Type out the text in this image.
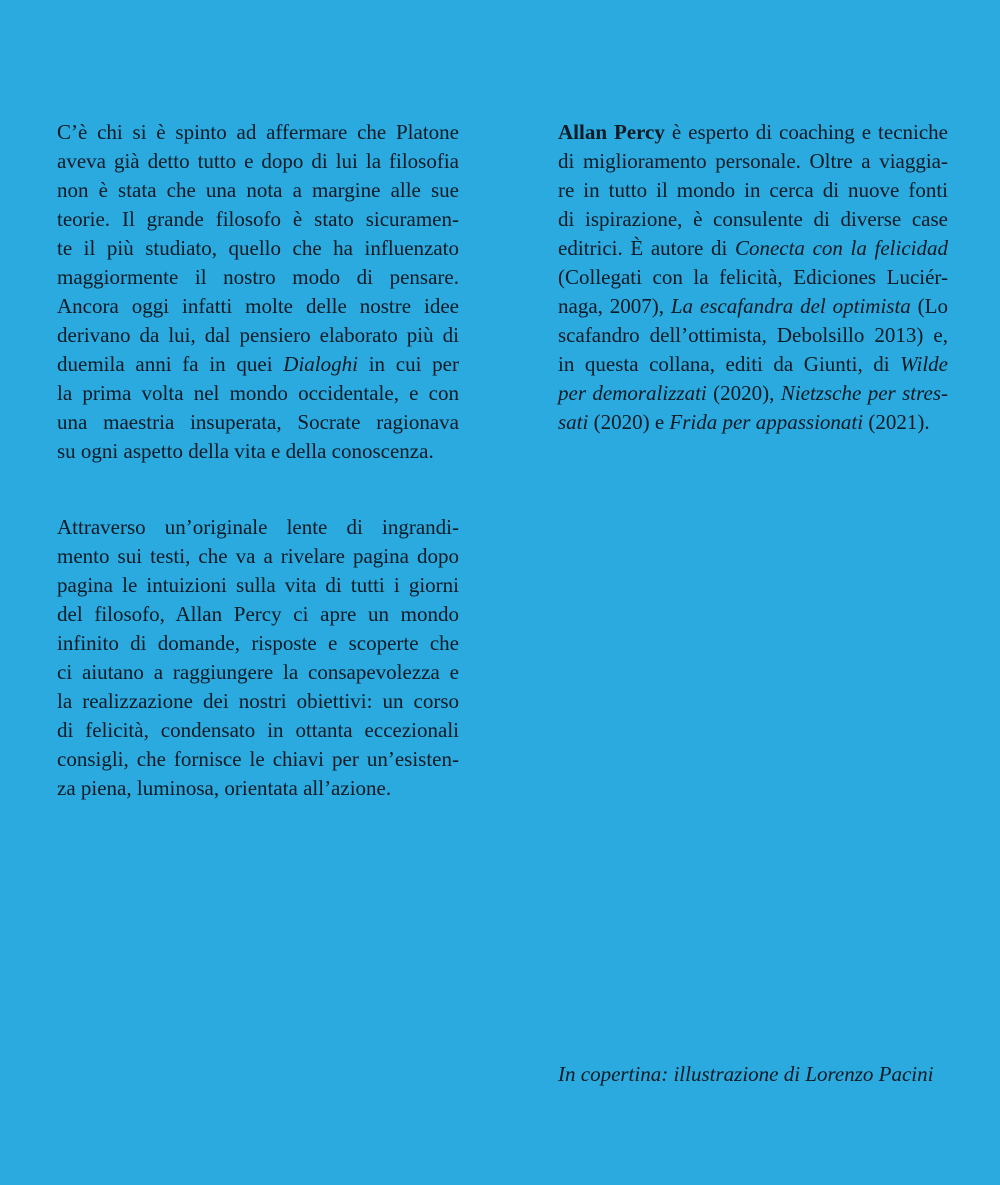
C’è chi si è spinto ad affermare che Platone
aveva già detto tutto e dopo di lui la filosofia
non è stata che una nota a margine alle sue
teorie. Il grande filosofo è stato sicuramen-
te il più studiato, quello che ha influenzato
maggiormente il nostro modo di pensare.
Ancora oggi infatti molte delle nostre idee
derivano da lui, dal pensiero elaborato più di
duemila anni fa in quei Dialoghi in cui per
la prima volta nel mondo occidentale, e con
una maestria insuperata, Socrate ragionava
su ogni aspetto della vita e della conoscenza.
Attraverso un’originale lente di ingrandi-
mento sui testi, che va a rivelare pagina dopo
pagina le intuizioni sulla vita di tutti i giorni
del filosofo, Allan Percy ci apre un mondo
infinito di domande, risposte e scoperte che
ci aiutano a raggiungere la consapevolezza e
la realizzazione dei nostri obiettivi: un corso
di felicità, condensato in ottanta eccezionali
consigli, che fornisce le chiavi per un’esisten-
za piena, luminosa, orientata all’azione.
Allan Percy è esperto di coaching e tecniche
di miglioramento personale. Oltre a viaggia-
re in tutto il mondo in cerca di nuove fonti
di ispirazione, è consulente di diverse case
editrici. È autore di Conecta con la felicidad
(Collegati con la felicità, Ediciones Luciér-
naga, 2007), La escafandra del optimista (Lo
scafandro dell’ottimista, Debolsillo 2013) e,
in questa collana, editi da Giunti, di Wilde
per demoralizzati (2020), Nietzsche per stres-
sati (2020) e Frida per appassionati (2021).
In copertina: illustrazione di Lorenzo Pacini
